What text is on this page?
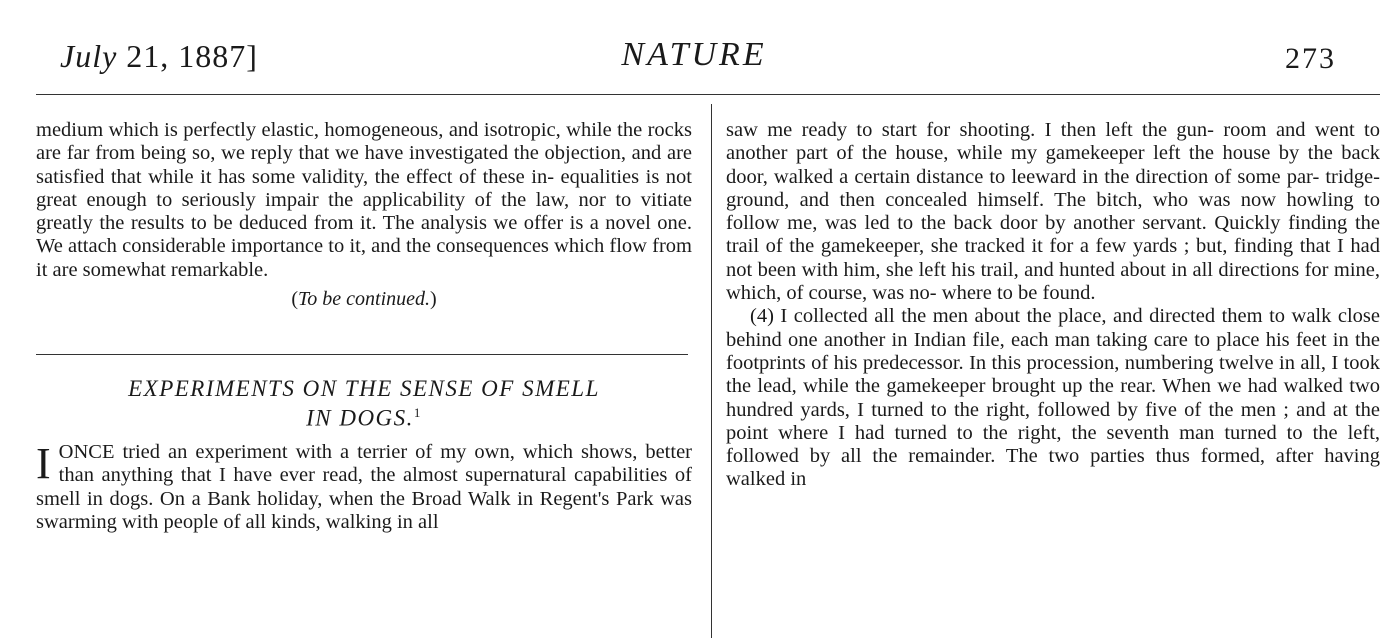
July 21, 1887]	NATURE	273

medium which is perfectly elastic, homogeneous, and isotropic, while the rocks are far from being so, we reply that we have investigated the objection, and are satisfied that while it has some validity, the effect of these in- equalities is not great enough to seriously impair the applicability of the law, nor to vitiate greatly the results to be deduced from it. The analysis we offer is a novel one. We attach considerable importance to it, and the consequences which flow from it are somewhat remarkable.

(To be continued.)
EXPERIMENTS ON THE SENSE OF SMELL
IN DOGS.$^1$

I ONCE tried an experiment with a terrier of my own, which shows, better than anything that I have ever read, the almost supernatural capabilities of smell in dogs. On a Bank holiday, when the Broad Walk in Regent's Park was swarming with people of all kinds, walking in all

saw me ready to start for shooting. I then left the gun- room and went to another part of the house, while my gamekeeper left the house by the back door, walked a certain distance to leeward in the direction of some par- tridge-ground, and then concealed himself. The bitch, who was now howling to follow me, was led to the back door by another servant. Quickly finding the trail of the gamekeeper, she tracked it for a few yards ; but, finding that I had not been with him, she left his trail, and hunted about in all directions for mine, which, of course, was no- where to be found.

(4) I collected all the men about the place, and directed them to walk close behind one another in Indian file, each man taking care to place his feet in the footprints of his predecessor. In this procession, numbering twelve in all, I took the lead, while the gamekeeper brought up the rear. When we had walked two hundred yards, I turned to the right, followed by five of the men ; and at the point where I had turned to the right, the seventh man turned to the left, followed by all the remainder. The two parties thus formed, after having walked in
